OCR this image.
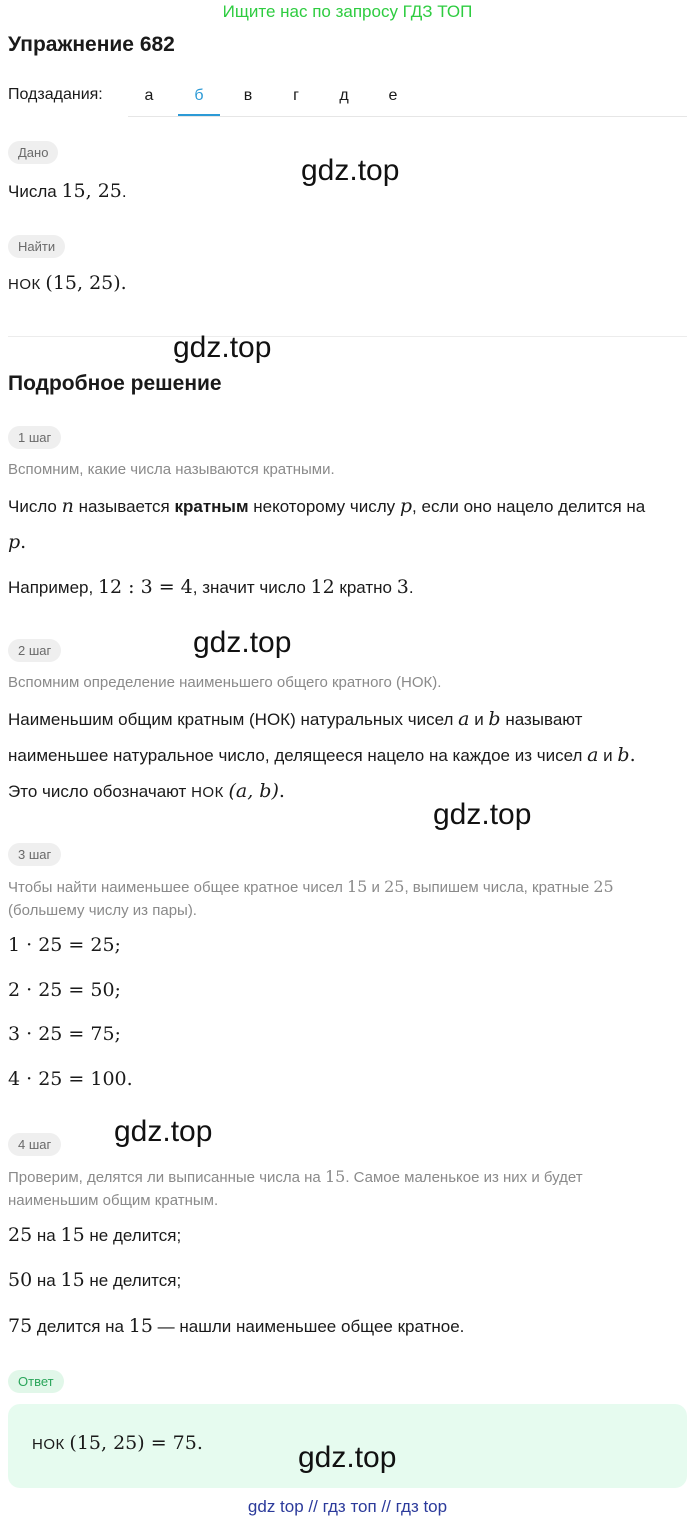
Ищите нас по запросу ГДЗ ТОП
Упражнение 682
Подзадания:	а	б	в	г	д	е
Дано
Числа 15, 25.
Найти
НОК (15, 25).
Подробное решение
1 шаг
Вспомним, какие числа называются кратными.
Число n называется кратным некоторому числу p, если оно нацело делится на
p.
Например, 12 : 3 = 4, значит число 12 кратно 3.
2 шаг
Вспомним определение наименьшего общего кратного (НОК).
Наименьшим общим кратным (НОК) натуральных чисел a и b называют
наименьшее натуральное число, делящееся нацело на каждое из чисел a и b.
Это число обозначают НОК (a, b).
3 шаг
Чтобы найти наименьшее общее кратное чисел 15 и 25, выпишем числа, кратные 25
(большему числу из пары).
1 · 25 = 25;
2 · 25 = 50;
3 · 25 = 75;
4 · 25 = 100.
4 шаг
Проверим, делятся ли выписанные числа на 15. Самое маленькое из них и будет
наименьшим общим кратным.
25 на 15 не делится;
50 на 15 не делится;
75 делится на 15 — нашли наименьшее общее кратное.
Ответ
НОК (15, 25) = 75.
gdz.top
gdz.top
gdz.top
gdz.top
gdz.top
gdz.top
gdz top // гдз топ // гдз top
